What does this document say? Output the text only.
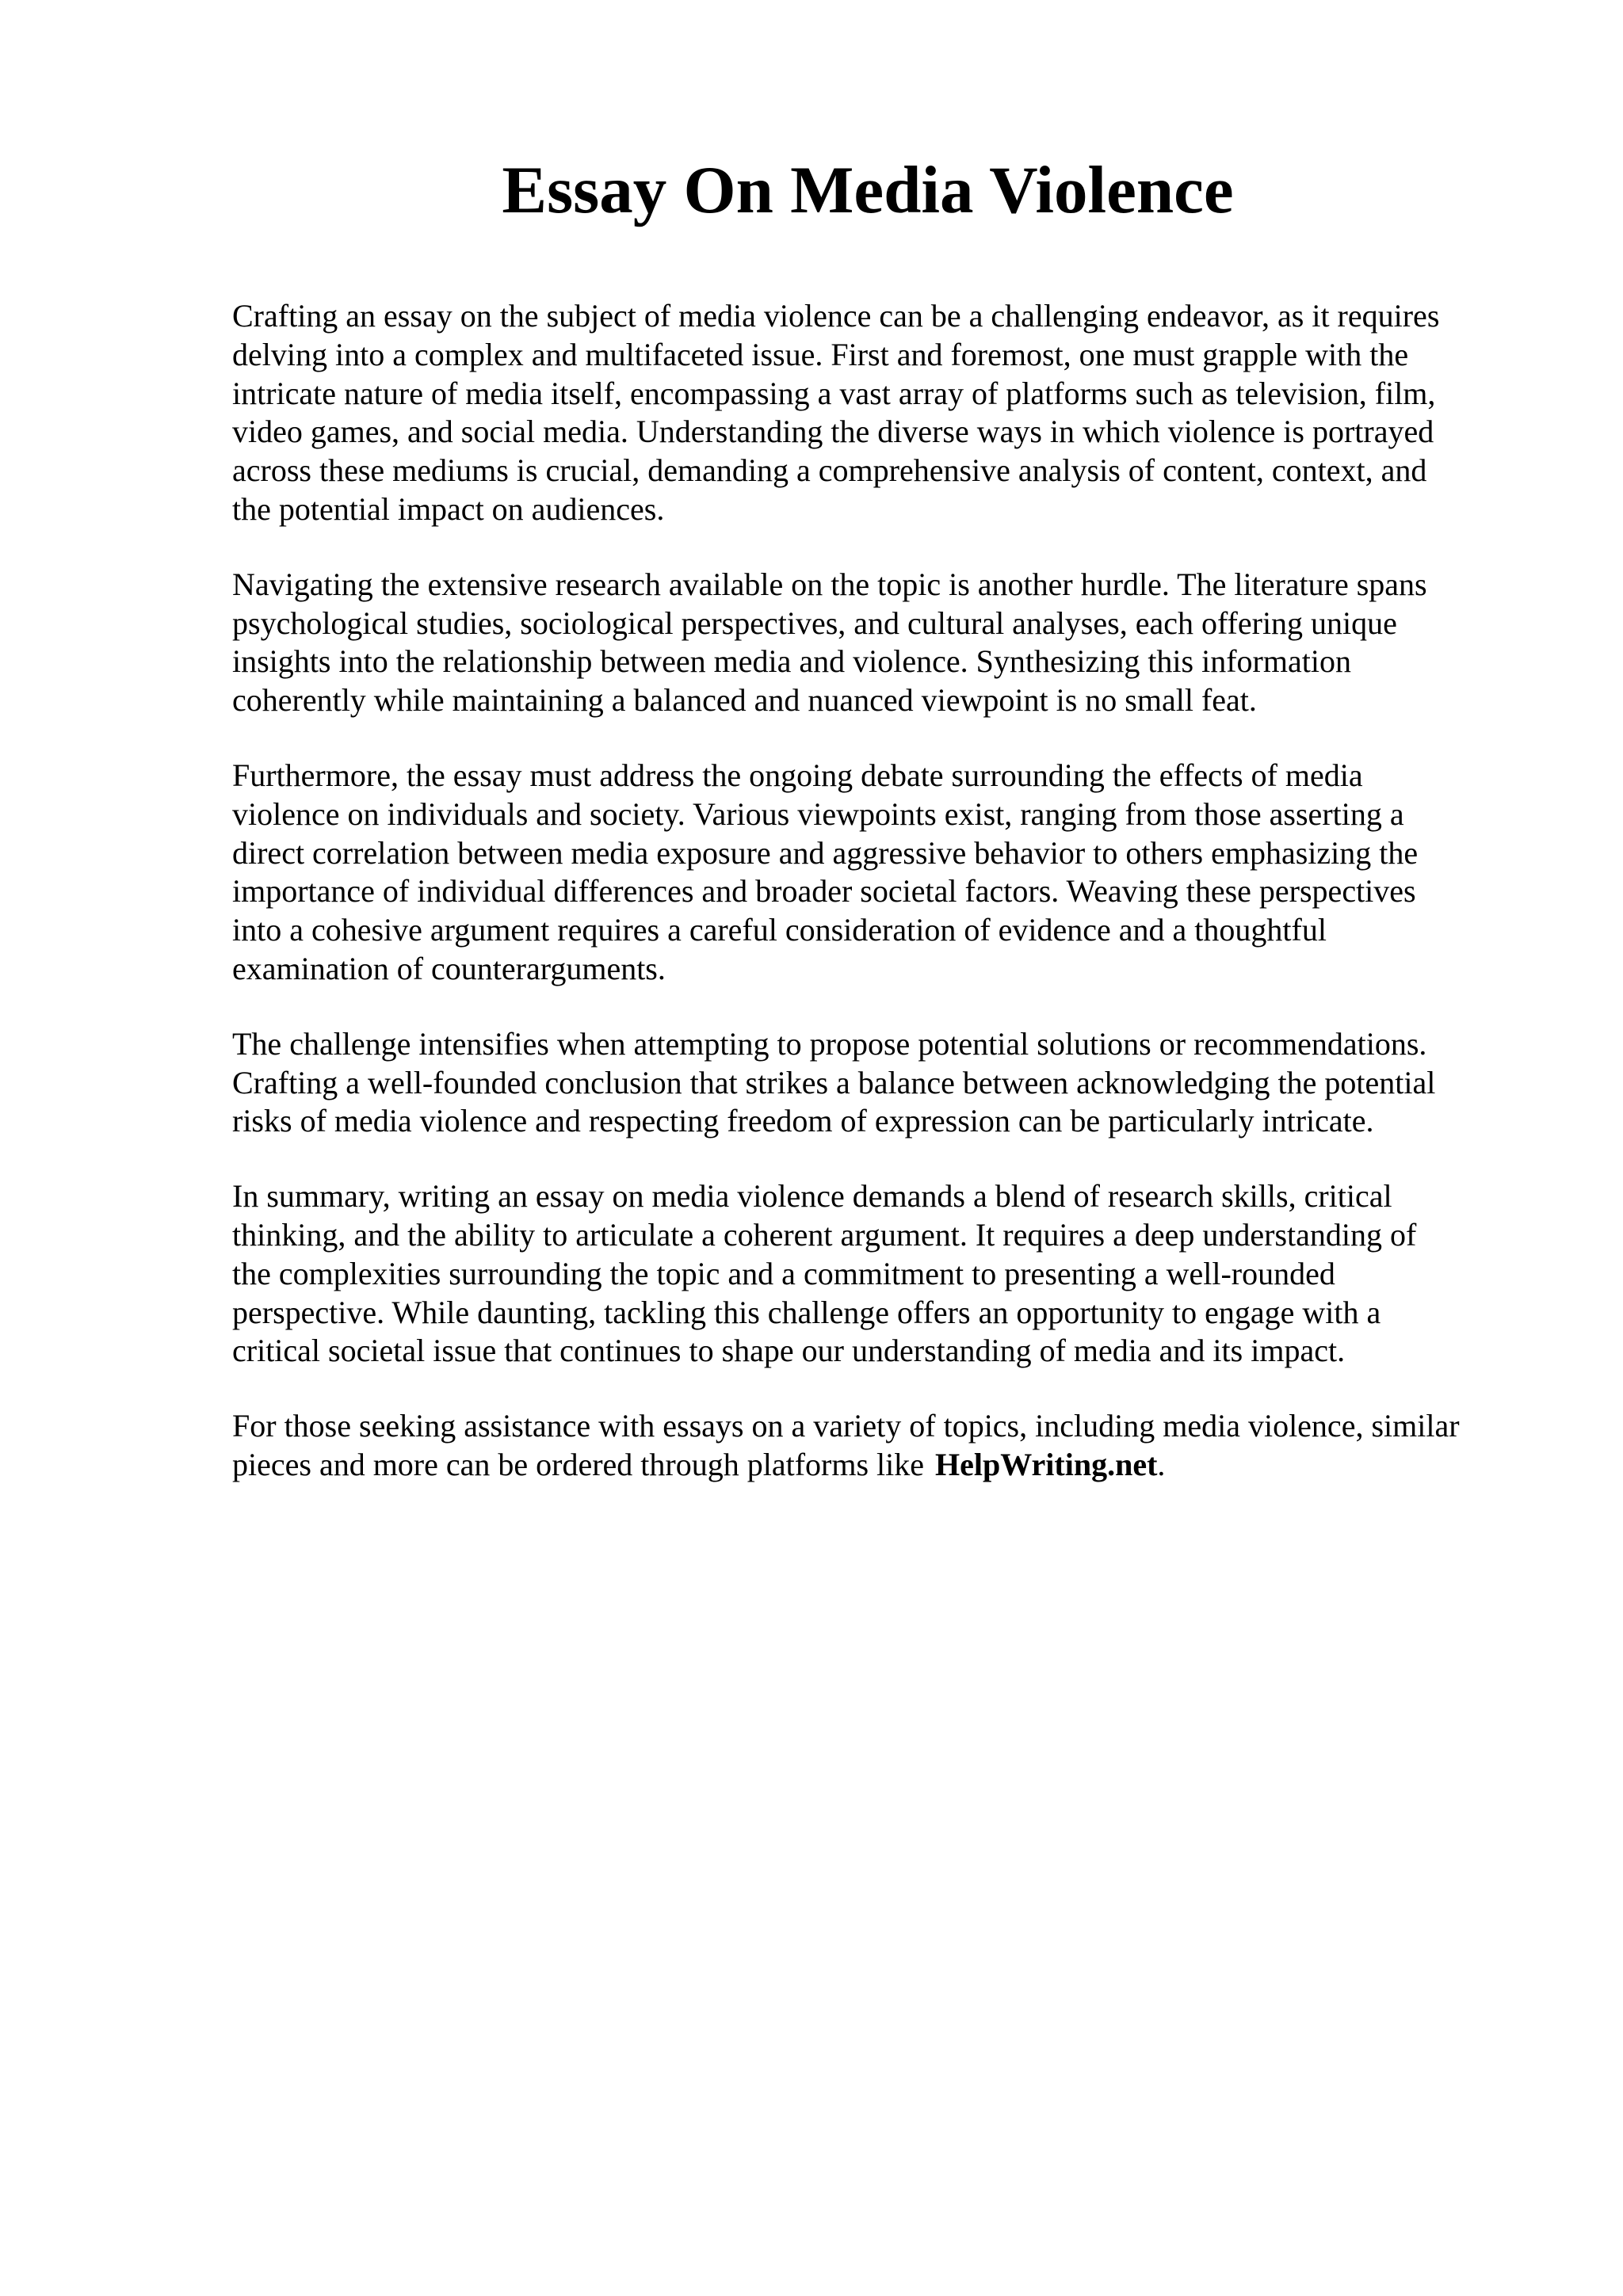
Essay On Media Violence

Crafting an essay on the subject of media violence can be a challenging endeavor, as it requires
delving into a complex and multifaceted issue. First and foremost, one must grapple with the
intricate nature of media itself, encompassing a vast array of platforms such as television, film,
video games, and social media. Understanding the diverse ways in which violence is portrayed
across these mediums is crucial, demanding a comprehensive analysis of content, context, and
the potential impact on audiences.

Navigating the extensive research available on the topic is another hurdle. The literature spans
psychological studies, sociological perspectives, and cultural analyses, each offering unique
insights into the relationship between media and violence. Synthesizing this information
coherently while maintaining a balanced and nuanced viewpoint is no small feat.

Furthermore, the essay must address the ongoing debate surrounding the effects of media
violence on individuals and society. Various viewpoints exist, ranging from those asserting a
direct correlation between media exposure and aggressive behavior to others emphasizing the
importance of individual differences and broader societal factors. Weaving these perspectives
into a cohesive argument requires a careful consideration of evidence and a thoughtful
examination of counterarguments.

The challenge intensifies when attempting to propose potential solutions or recommendations.
Crafting a well-founded conclusion that strikes a balance between acknowledging the potential
risks of media violence and respecting freedom of expression can be particularly intricate.

In summary, writing an essay on media violence demands a blend of research skills, critical
thinking, and the ability to articulate a coherent argument. It requires a deep understanding of
the complexities surrounding the topic and a commitment to presenting a well-rounded
perspective. While daunting, tackling this challenge offers an opportunity to engage with a
critical societal issue that continues to shape our understanding of media and its impact.

For those seeking assistance with essays on a variety of topics, including media violence, similar
pieces and more can be ordered through platforms like HelpWriting.net.
